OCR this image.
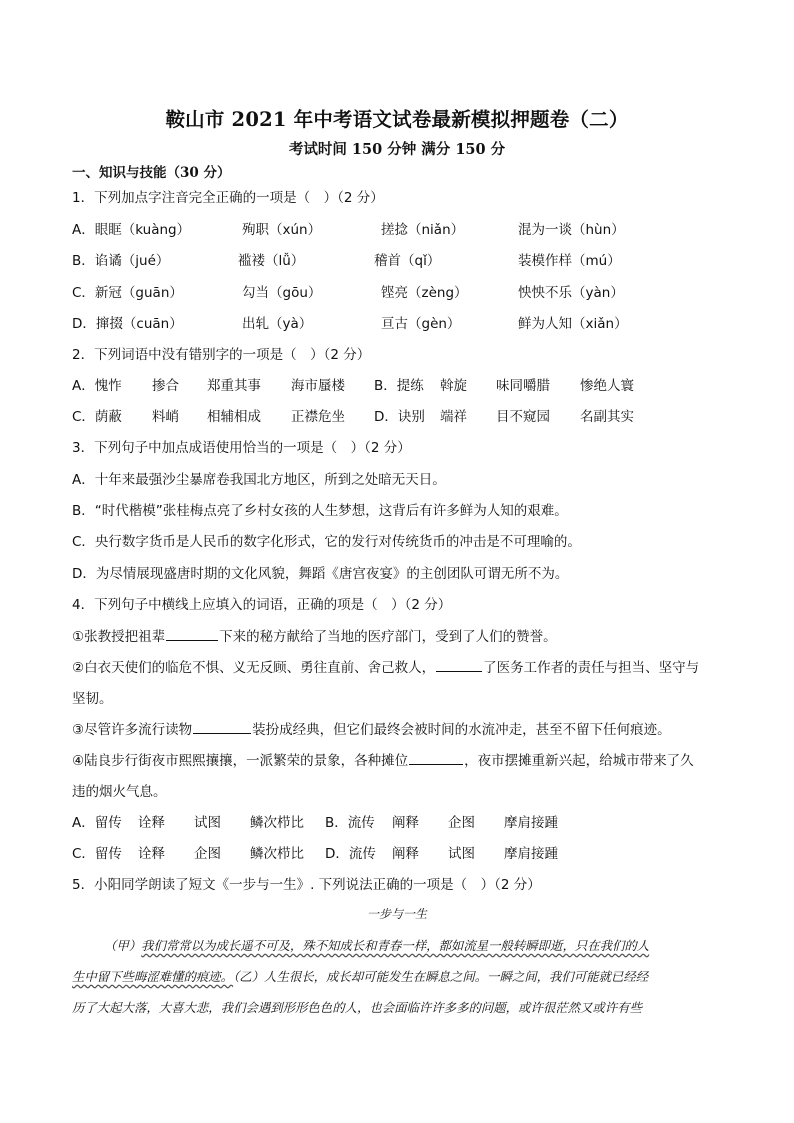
鞍山市 2021 年中考语文试卷最新模拟押题卷（二）
考试时间 150 分钟 满分 150 分
一、知识与技能（30 分）
1．下列加点字注音完全正确的一项是（　）（2 分）
A．眼眶（kuàng）	殉职（xún）	搓捻（niǎn）	混为一谈（hùn）
B．谄谲（jué）	褴褛（lǚ）	稽首（qǐ）	装模作样（mú）
C．新冠（guān）	勾当（gōu）	铿亮（zèng）	怏怏不乐（yàn）
D．撺掇（cuān）	出轧（yà）	亘古（gèn）	鲜为人知（xiǎn）
2．下列词语中没有错别字的一项是（　）（2 分）
A．愧怍 掺合 郑重其事 海市蜃楼 B．提练 斡旋 味同嚼腊 惨绝人寰
C．荫蔽 料峭 相辅相成 正襟危坐 D．诀别 端祥 目不窥园 名副其实
3．下列句子中加点成语使用恰当的一项是（　）（2 分）
A．十年来最强沙尘暴席卷我国北方地区，所到之处暗无天日。
B．“时代楷模”张桂梅点亮了乡村女孩的人生梦想，这背后有许多鲜为人知的艰难。
C．央行数字货币是人民币的数字化形式，它的发行对传统货币的冲击是不可理喻的。
D．为尽情展现盛唐时期的文化风貌，舞蹈《唐宫夜宴》的主创团队可谓无所不为。
4．下列句子中横线上应填入的词语，正确的项是（　）（2 分）
①张教授把祖辈	下来的秘方献给了当地的医疗部门，受到了人们的赞誉。
②白衣天使们的临危不惧、义无反顾、勇往直前、舍己救人，	了医务工作者的责任与担当、坚守与
坚韧。
③尽管许多流行读物	装扮成经典，但它们最终会被时间的水流冲走，甚至不留下任何痕迹。
④陆良步行街夜市熙熙攘攘，一派繁荣的景象，各种摊位	，夜市摆摊重新兴起，给城市带来了久
违的烟火气息。
A．留传 诠释 试图 鳞次栉比 B．流传 阐释 企图 摩肩接踵
C．留传 诠释 企图 鳞次栉比 D．流传 阐释 试图 摩肩接踵
5．小阳同学朗读了短文《一步与一生》. 下列说法正确的一项是（　）（2 分）
一步与一生
（甲）我们常常以为成长遥不可及，殊不知成长和青春一样，都如流星一般转瞬即逝，只在我们的人
生中留下些晦涩难懂的痕迹。（乙）人生很长，成长却可能发生在瞬息之间。一瞬之间，我们可能就已经经
历了大起大落，大喜大悲，我们会遇到形形色色的人，也会面临许许多多的问题，或许很茫然又或许有些
